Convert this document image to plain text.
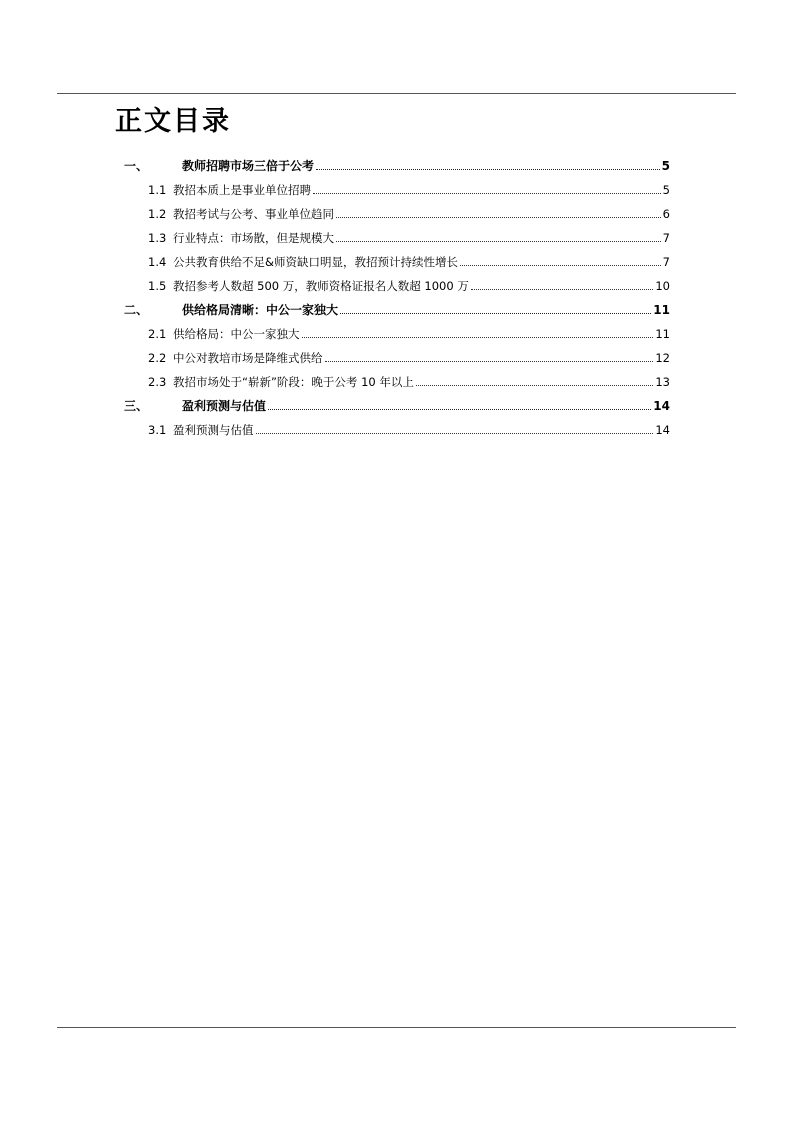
正文目录
一、	教师招聘市场三倍于公考	5
1.1 教招本质上是事业单位招聘	5
1.2 教招考试与公考、事业单位趋同	6
1.3 行业特点：市场散，但是规模大	7
1.4 公共教育供给不足&师资缺口明显，教招预计持续性增长	7
1.5 教招参考人数超 500 万，教师资格证报名人数超 1000 万	10
二、	供给格局清晰：中公一家独大	11
2.1 供给格局：中公一家独大	11
2.2 中公对教培市场是降维式供给	12
2.3 教招市场处于“崭新”阶段：晚于公考 10 年以上	13
三、	盈利预测与估值	14
3.1 盈利预测与估值	14
